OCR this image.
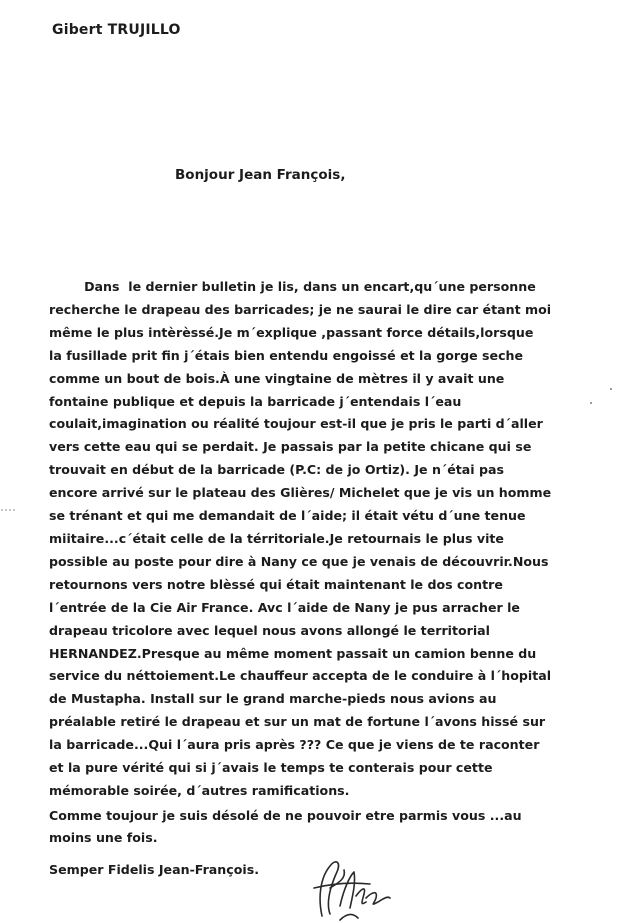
Gibert TRUJILLO
Bonjour Jean François,
Dans  le dernier bulletin je lis, dans un encart,qu´une personne
recherche le drapeau des barricades; je ne saurai le dire car étant moi
même le plus intèrèssé.Je m´explique ,passant force détails,lorsque
la fusillade prit fin j´étais bien entendu engoissé et la gorge seche
comme un bout de bois.À une vingtaine de mètres il y avait une
fontaine publique et depuis la barricade j´entendais l´eau
coulait,imagination ou réalité toujour est-il que je pris le parti d´aller
vers cette eau qui se perdait. Je passais par la petite chicane qui se
trouvait en début de la barricade (P.C: de jo Ortiz). Je n´étai pas
encore arrivé sur le plateau des Glières/ Michelet que je vis un homme
se trénant et qui me demandait de l´aide; il était vétu d´une tenue
miitaire...c´était celle de la térritoriale.Je retournais le plus vite
possible au poste pour dire à Nany ce que je venais de découvrir.Nous
retournons vers notre blèssé qui était maintenant le dos contre
l´entrée de la Cie Air France. Avc l´aide de Nany je pus arracher le
drapeau tricolore avec lequel nous avons allongé le territorial
HERNANDEZ.Presque au même moment passait un camion benne du
service du néttoiement.Le chauffeur accepta de le conduire à l´hopital
de Mustapha. Install sur le grand marche-pieds nous avions au
préalable retiré le drapeau et sur un mat de fortune l´avons hissé sur
la barricade...Qui l´aura pris après ??? Ce que je viens de te raconter
et la pure vérité qui si j´avais le temps te conterais pour cette
mémorable soirée, d´autres ramifications.
Comme toujour je suis désolé de ne pouvoir etre parmis vous ...au
moins une fois.
Semper Fidelis Jean-François.
